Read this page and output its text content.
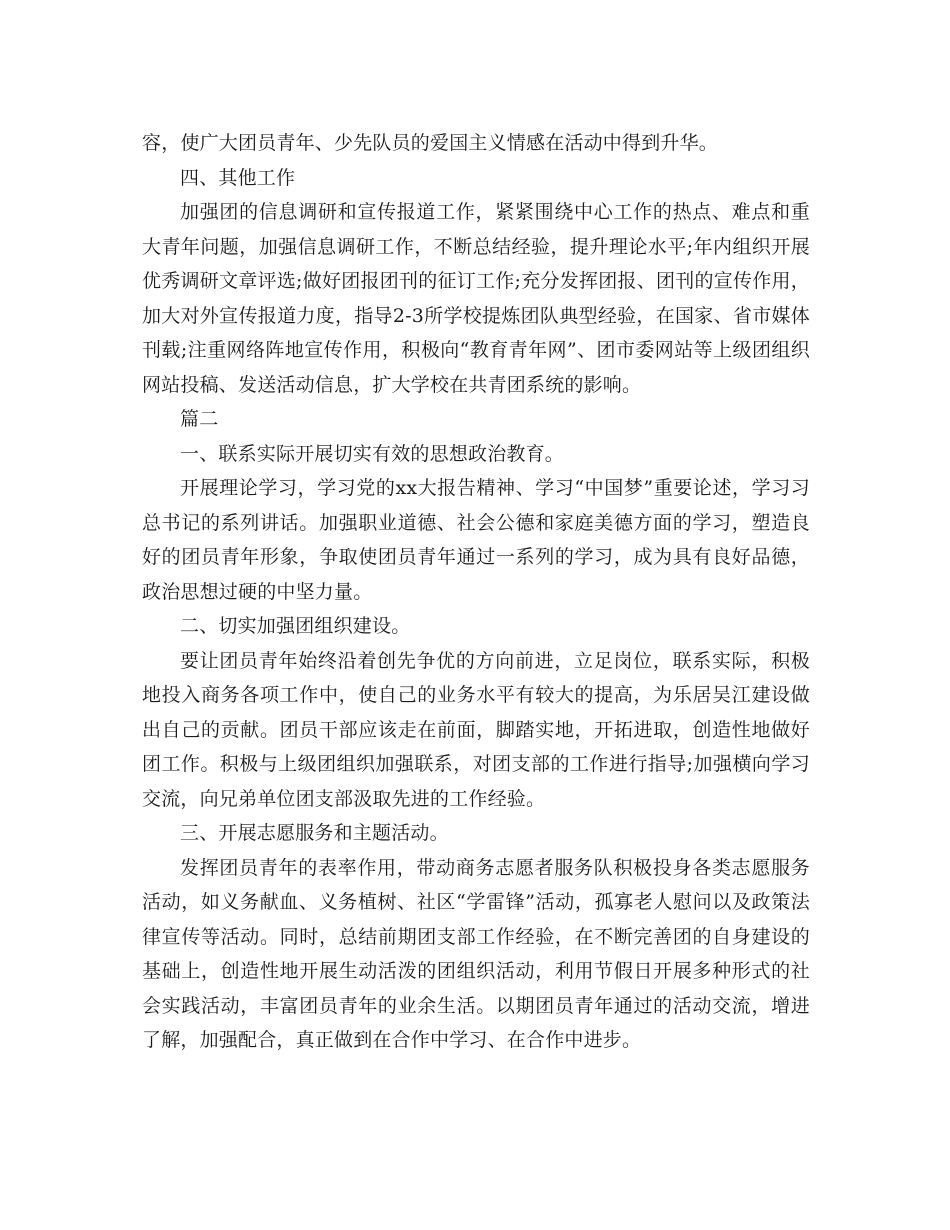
容，使广大团员青年、少先队员的爱国主义情感在活动中得到升华。

四、其他工作

加强团的信息调研和宣传报道工作，紧紧围绕中心工作的热点、难点和重大青年问题，加强信息调研工作，不断总结经验，提升理论水平;年内组织开展优秀调研文章评选;做好团报团刊的征订工作;充分发挥团报、团刊的宣传作用，加大对外宣传报道力度，指导2-3所学校提炼团队典型经验，在国家、省市媒体刊载;注重网络阵地宣传作用，积极向“教育青年网”、团市委网站等上级团组织网站投稿、发送活动信息，扩大学校在共青团系统的影响。

篇二

一、联系实际开展切实有效的思想政治教育。

开展理论学习，学习党的xx大报告精神、学习“中国梦”重要论述，学习习总书记的系列讲话。加强职业道德、社会公德和家庭美德方面的学习，塑造良好的团员青年形象，争取使团员青年通过一系列的学习，成为具有良好品德，政治思想过硬的中坚力量。

二、切实加强团组织建设。

要让团员青年始终沿着创先争优的方向前进，立足岗位，联系实际，积极地投入商务各项工作中，使自己的业务水平有较大的提高，为乐居吴江建设做出自己的贡献。团员干部应该走在前面，脚踏实地，开拓进取，创造性地做好团工作。积极与上级团组织加强联系，对团支部的工作进行指导;加强横向学习交流，向兄弟单位团支部汲取先进的工作经验。

三、开展志愿服务和主题活动。

发挥团员青年的表率作用，带动商务志愿者服务队积极投身各类志愿服务活动，如义务献血、义务植树、社区“学雷锋”活动，孤寡老人慰问以及政策法律宣传等活动。同时，总结前期团支部工作经验，在不断完善团的自身建设的基础上，创造性地开展生动活泼的团组织活动，利用节假日开展多种形式的社会实践活动，丰富团员青年的业余生活。以期团员青年通过的活动交流，增进了解，加强配合，真正做到在合作中学习、在合作中进步。
